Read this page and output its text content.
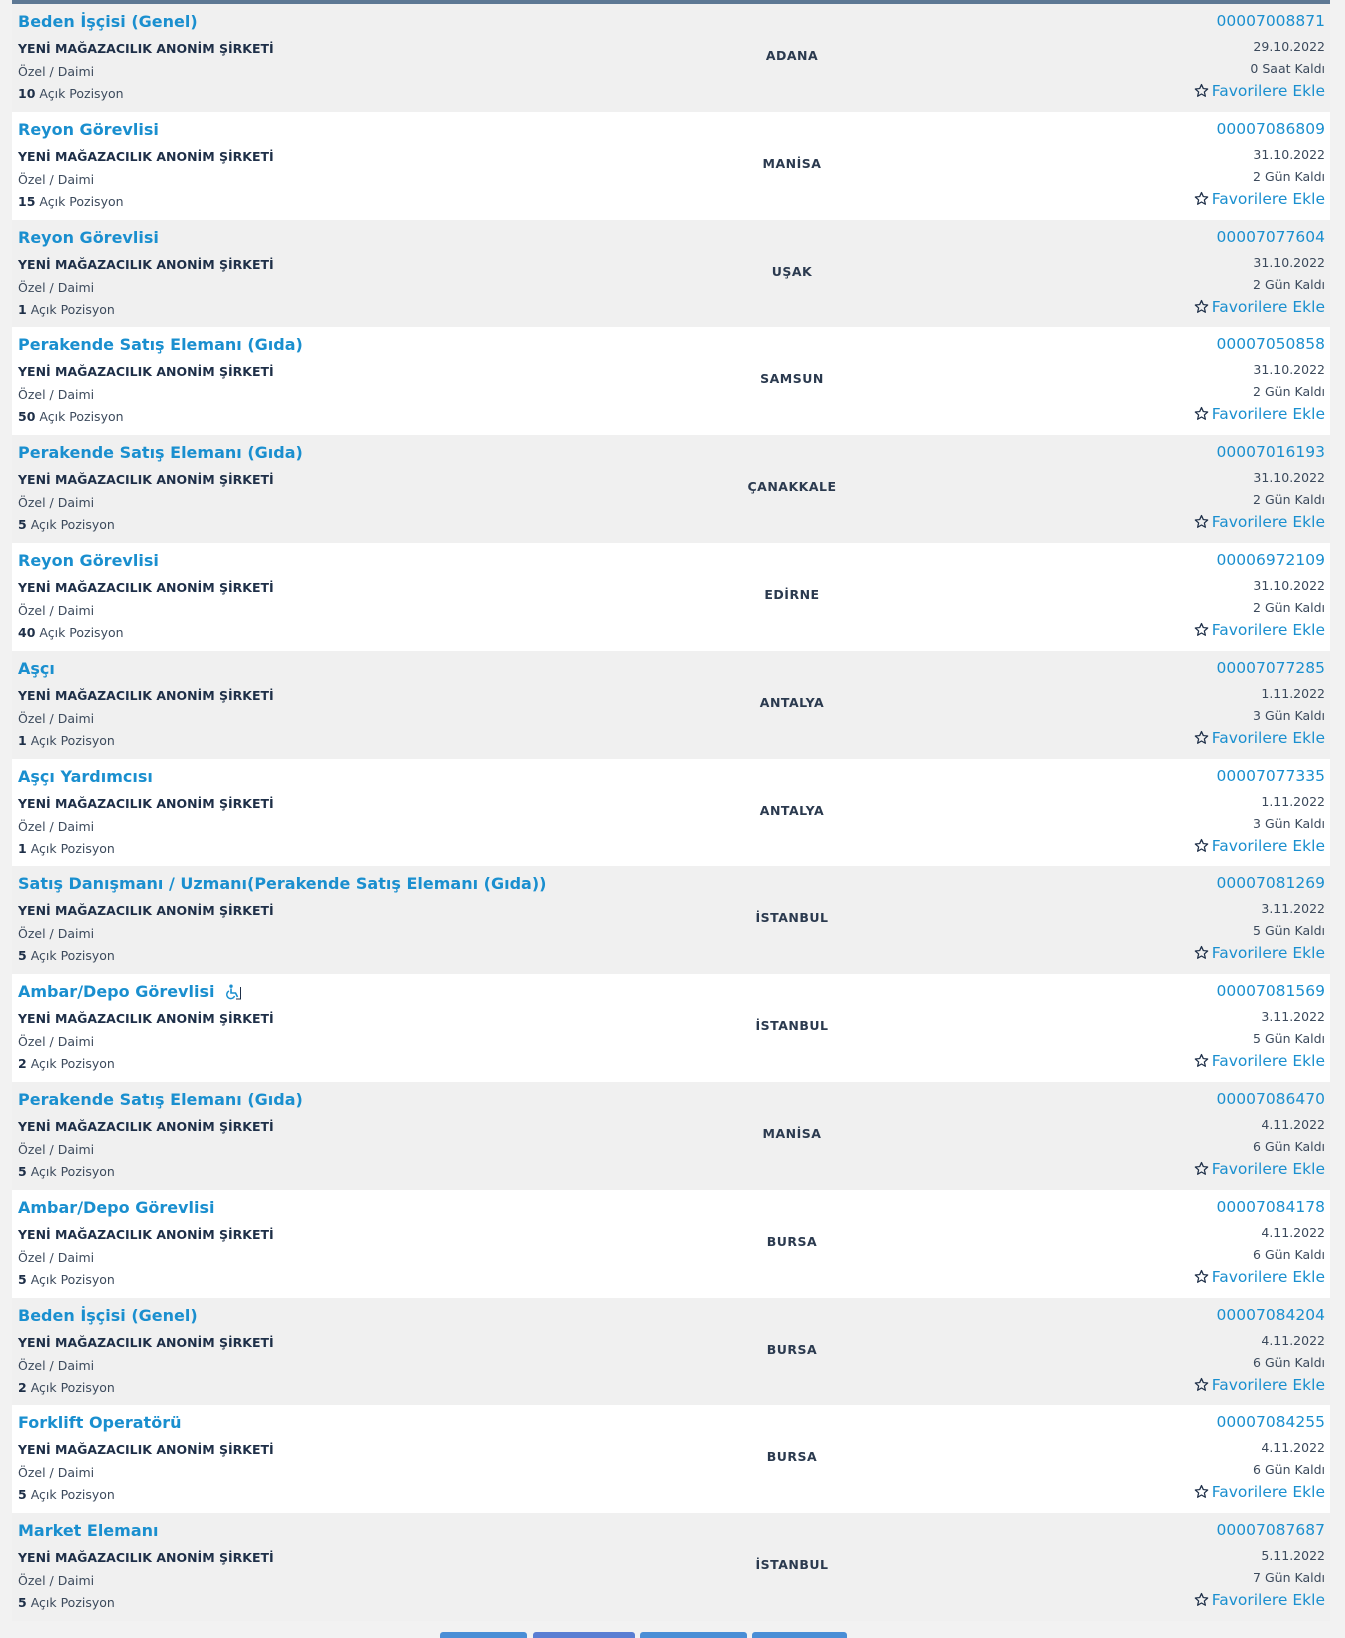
Beden İşçisi (Genel)
YENİ MAĞAZACILIK ANONİM ŞİRKETİ
Özel / Daimi
10 Açık Pozisyon
ADANA
00007008871
29.10.2022
0 Saat Kaldı
Favorilere Ekle
Reyon Görevlisi
YENİ MAĞAZACILIK ANONİM ŞİRKETİ
Özel / Daimi
15 Açık Pozisyon
MANİSA
00007086809
31.10.2022
2 Gün Kaldı
Favorilere Ekle
Reyon Görevlisi
YENİ MAĞAZACILIK ANONİM ŞİRKETİ
Özel / Daimi
1 Açık Pozisyon
UŞAK
00007077604
31.10.2022
2 Gün Kaldı
Favorilere Ekle
Perakende Satış Elemanı (Gıda)
YENİ MAĞAZACILIK ANONİM ŞİRKETİ
Özel / Daimi
50 Açık Pozisyon
SAMSUN
00007050858
31.10.2022
2 Gün Kaldı
Favorilere Ekle
Perakende Satış Elemanı (Gıda)
YENİ MAĞAZACILIK ANONİM ŞİRKETİ
Özel / Daimi
5 Açık Pozisyon
ÇANAKKALE
00007016193
31.10.2022
2 Gün Kaldı
Favorilere Ekle
Reyon Görevlisi
YENİ MAĞAZACILIK ANONİM ŞİRKETİ
Özel / Daimi
40 Açık Pozisyon
EDİRNE
00006972109
31.10.2022
2 Gün Kaldı
Favorilere Ekle
Aşçı
YENİ MAĞAZACILIK ANONİM ŞİRKETİ
Özel / Daimi
1 Açık Pozisyon
ANTALYA
00007077285
1.11.2022
3 Gün Kaldı
Favorilere Ekle
Aşçı Yardımcısı
YENİ MAĞAZACILIK ANONİM ŞİRKETİ
Özel / Daimi
1 Açık Pozisyon
ANTALYA
00007077335
1.11.2022
3 Gün Kaldı
Favorilere Ekle
Satış Danışmanı / Uzmanı(Perakende Satış Elemanı (Gıda))
YENİ MAĞAZACILIK ANONİM ŞİRKETİ
Özel / Daimi
5 Açık Pozisyon
İSTANBUL
00007081269
3.11.2022
5 Gün Kaldı
Favorilere Ekle
Ambar/Depo Görevlisi
YENİ MAĞAZACILIK ANONİM ŞİRKETİ
Özel / Daimi
2 Açık Pozisyon
İSTANBUL
00007081569
3.11.2022
5 Gün Kaldı
Favorilere Ekle
Perakende Satış Elemanı (Gıda)
YENİ MAĞAZACILIK ANONİM ŞİRKETİ
Özel / Daimi
5 Açık Pozisyon
MANİSA
00007086470
4.11.2022
6 Gün Kaldı
Favorilere Ekle
Ambar/Depo Görevlisi
YENİ MAĞAZACILIK ANONİM ŞİRKETİ
Özel / Daimi
5 Açık Pozisyon
BURSA
00007084178
4.11.2022
6 Gün Kaldı
Favorilere Ekle
Beden İşçisi (Genel)
YENİ MAĞAZACILIK ANONİM ŞİRKETİ
Özel / Daimi
2 Açık Pozisyon
BURSA
00007084204
4.11.2022
6 Gün Kaldı
Favorilere Ekle
Forklift Operatörü
YENİ MAĞAZACILIK ANONİM ŞİRKETİ
Özel / Daimi
5 Açık Pozisyon
BURSA
00007084255
4.11.2022
6 Gün Kaldı
Favorilere Ekle
Market Elemanı
YENİ MAĞAZACILIK ANONİM ŞİRKETİ
Özel / Daimi
5 Açık Pozisyon
İSTANBUL
00007087687
5.11.2022
7 Gün Kaldı
Favorilere Ekle
